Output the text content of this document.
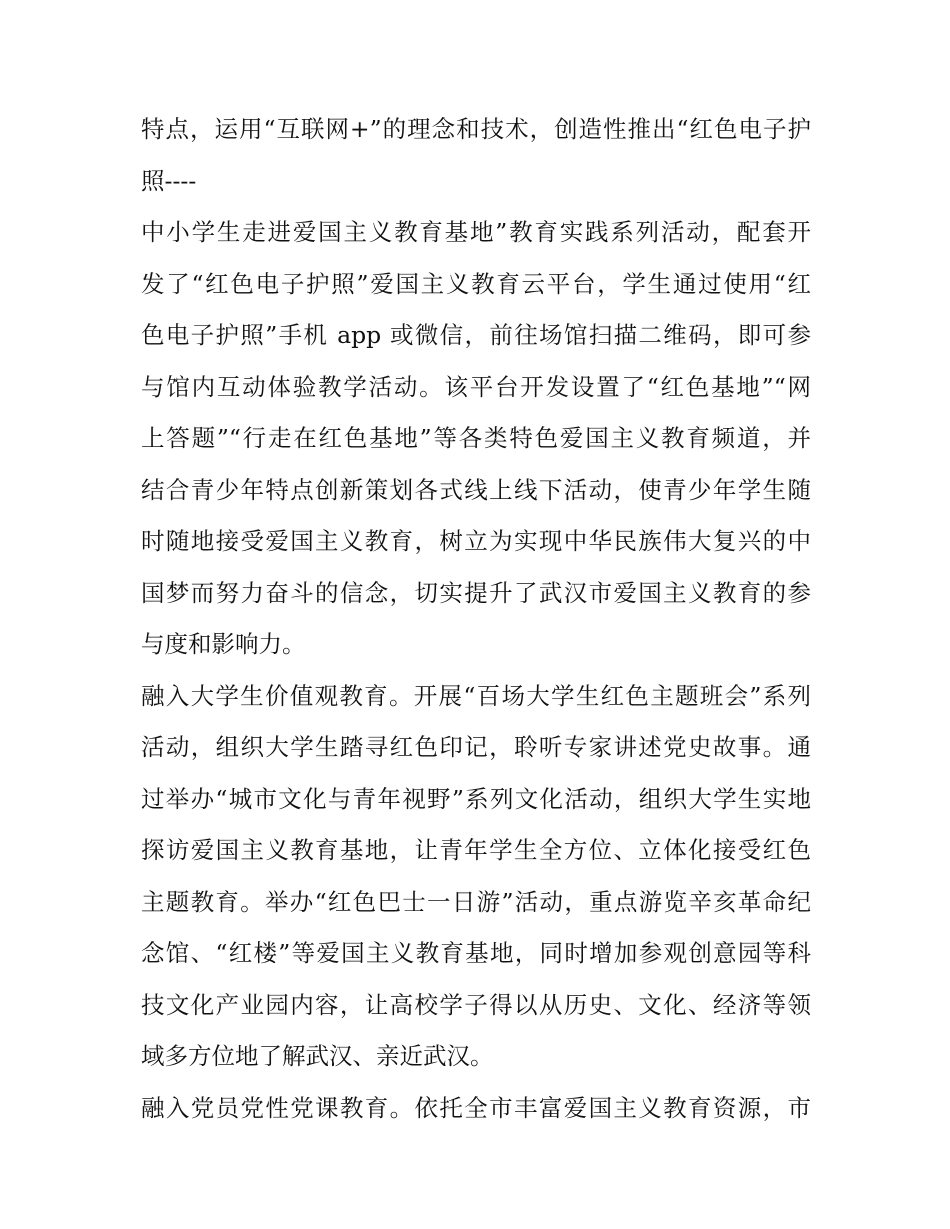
特点，运用“互联网+”的理念和技术，创造性推出“红色电子护
照----
中小学生走进爱国主义教育基地”教育实践系列活动，配套开
发了“红色电子护照”爱国主义教育云平台，学生通过使用“红
色电子护照”手机 app 或微信，前往场馆扫描二维码，即可参
与馆内互动体验教学活动。该平台开发设置了“红色基地”“网
上答题”“行走在红色基地”等各类特色爱国主义教育频道，并
结合青少年特点创新策划各式线上线下活动，使青少年学生随
时随地接受爱国主义教育，树立为实现中华民族伟大复兴的中
国梦而努力奋斗的信念，切实提升了武汉市爱国主义教育的参
与度和影响力。
融入大学生价值观教育。开展“百场大学生红色主题班会”系列
活动，组织大学生踏寻红色印记，聆听专家讲述党史故事。通
过举办“城市文化与青年视野”系列文化活动，组织大学生实地
探访爱国主义教育基地，让青年学生全方位、立体化接受红色
主题教育。举办“红色巴士一日游”活动，重点游览辛亥革命纪
念馆、“红楼”等爱国主义教育基地，同时增加参观创意园等科
技文化产业园内容，让高校学子得以从历史、文化、经济等领
域多方位地了解武汉、亲近武汉。
融入党员党性党课教育。依托全市丰富爱国主义教育资源，市
